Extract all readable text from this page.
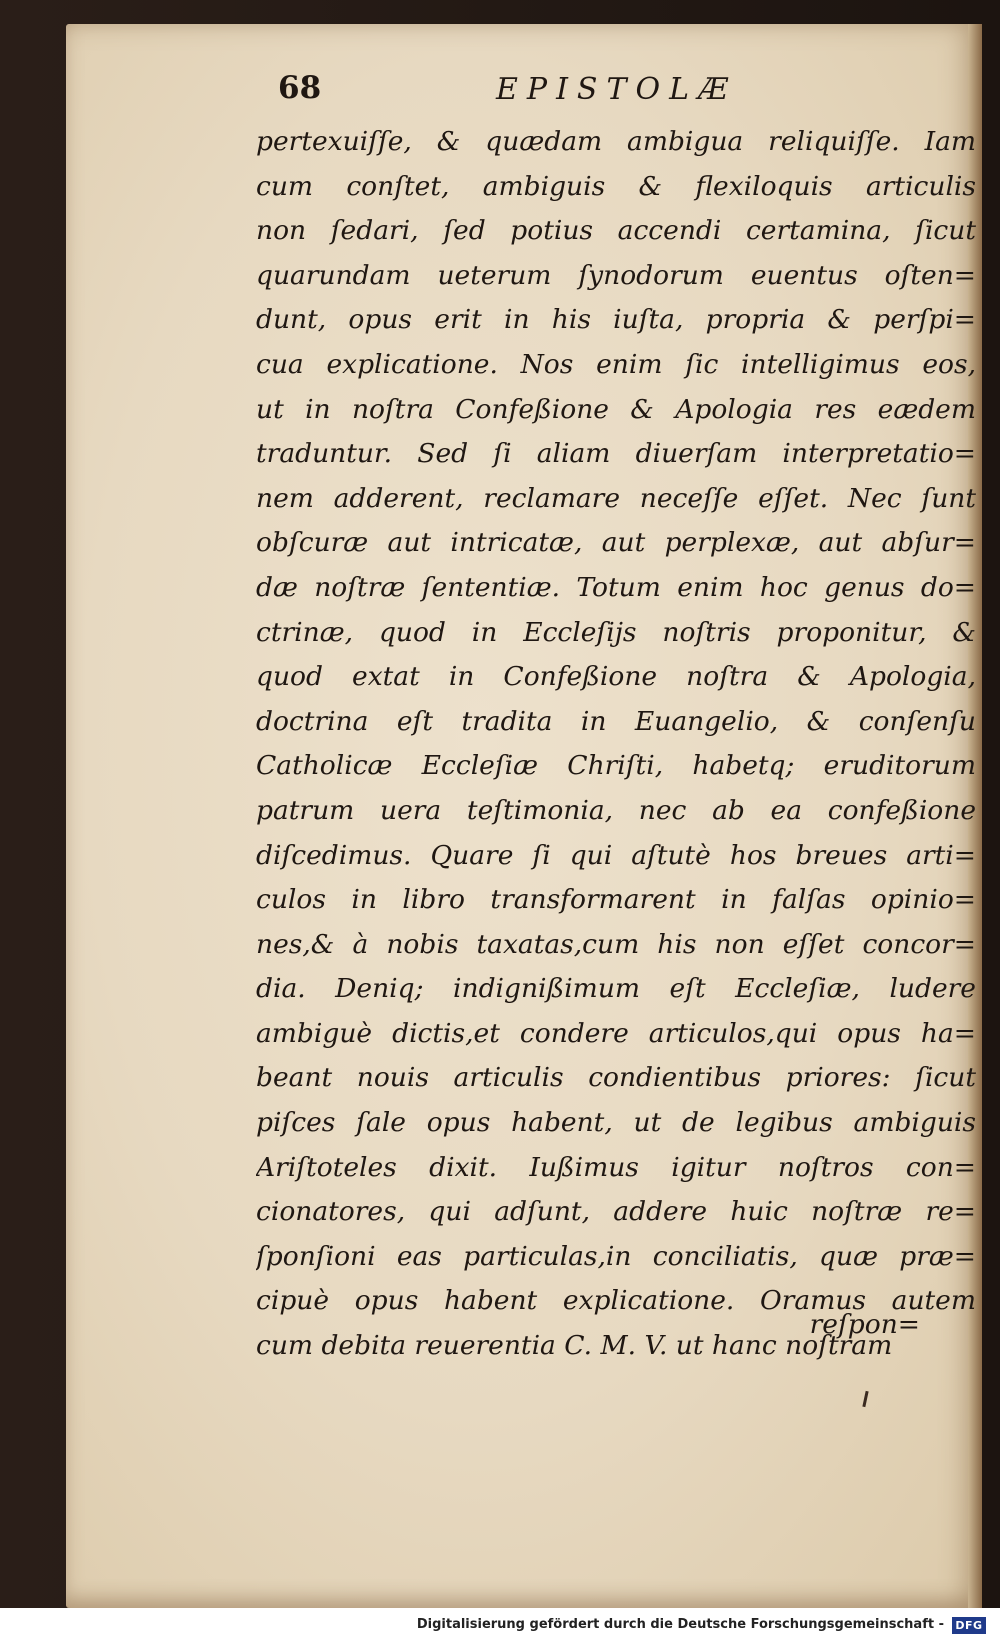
68	EPISTOLÆ
pertexuiſſe, & quædam ambigua reliquiſſe. Iam
cum conſtet, ambiguis & flexiloquis articulis
non ſedari, ſed potius accendi certamina, ſicut
quarundam ueterum ſynodorum euentus oſten=
dunt, opus erit in his iuſta, propria & perſpi=
cua explicatione. Nos enim ſic intelligimus eos,
ut in noſtra Confeßione & Apologia res eædem
traduntur. Sed ſi aliam diuerſam interpretatio=
nem adderent, reclamare neceſſe eſſet. Nec ſunt
obſcuræ aut intricatæ, aut perplexæ, aut abſur=
dæ noſtræ ſententiæ. Totum enim hoc genus do=
ctrinæ, quod in Eccleſijs noſtris proponitur, &
quod extat in Confeßione noſtra & Apologia,
doctrina eſt tradita in Euangelio, & conſenſu
Catholicæ Eccleſiæ Chriſti, habetq; eruditorum
patrum uera teſtimonia, nec ab ea confeßione
diſcedimus. Quare ſi qui aſtutè hos breues arti=
culos in libro transformarent in falſas opinio=
nes,& à nobis taxatas,cum his non eſſet concor=
dia. Deniq; indignißimum eſt Eccleſiæ, ludere
ambiguè dictis,et condere articulos,qui opus ha=
beant nouis articulis condientibus priores: ſicut
piſces ſale opus habent, ut de legibus ambiguis
Ariſtoteles dixit. Iußimus igitur noſtros con=
cionatores, qui adſunt, addere huic noſtræ re=
ſponſioni eas particulas,in conciliatis, quæ præ=
cipuè opus habent explicatione. Oramus autem
cum debita reuerentia C. M. V. ut hanc noſtram
reſpon=
Digitalisierung gefördert durch die Deutsche Forschungsgemeinschaft -	DFG
